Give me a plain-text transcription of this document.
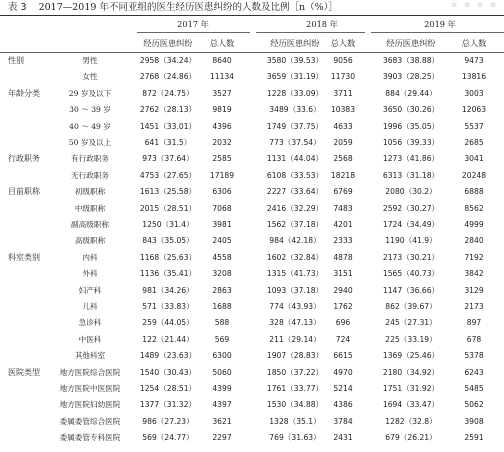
表 3 2017—2019 年不同亚组的医生经历医患纠纷的人数及比例［n（%）］	▪ ▪ ▪ ▪
2017 年	2018 年	2019 年
经历医患纠纷 总人数	经历医患纠纷 总人数	经历医患纠纷	总人数
性别	男性	2958（34.24） 8640	3580（39.53） 9056	3683（38.88）	9473
女性	2768（24.86） 11134	3659（31.19） 11730	3903（28.25）	13816
年龄分类	29 岁及以下	872（24.75） 3527	1228（33.09） 3711	884（29.44）	3003
30 ～ 39 岁	2762（28.13） 9819	3489（33.6） 10383	3650（30.26）	12063
40 ～ 49 岁	1451（33.01） 4396	1749（37.75） 4633	1996（35.05）	5537
50 岁及以上	641（31.5）	2032	773（37.54） 2059	1056（39.33）	2685
行政职务	有行政职务	973（37.64） 2585	1131（44.04） 2568	1273（41.86）	3041
无行政职务	4753（27.65） 17189	6108（33.53） 18218	6313（31.18）	20248
目前职称	初级职称	1613（25.58） 6306	2227（33.64） 6769	2080（30.2）	6888
中级职称	2015（28.51） 7068	2416（32.29） 7483	2592（30.27）	8562
副高级职称	1250（31.4） 3981	1562（37.18） 4201	1724（34.49）	4999
高级职称	843（35.05） 2405	984（42.18） 2333	1190（41.9）	2840
科室类别	内科	1168（25.63） 4558	1602（32.84） 4878	2173（30.21）	7192
外科	1136（35.41） 3208	1315（41.73） 3151	1565（40.73）	3842
妇产科	981（34.26） 2863	1093（37.18） 2940	1147（36.66）	3129
儿科	571（33.83） 1688	774（43.93） 1762	862（39.67）	2173
急诊科	259（44.05）	588	328（47.13） 696	245（27.31）	897
中医科	122（21.44）	569	211（29.14） 724	225（33.19）	678
其他科室	1489（23.63） 6300	1907（28.83） 6615	1369（25.46）	5378
医院类型	地方医院综合医院	1540（30.43） 5060	1850（37.22） 4970	2180（34.92）	6243
地方医院中医医院	1254（28.51） 4399	1761（33.77） 5214	1751（31.92）	5485
地方医院妇幼医院	1377（31.32） 4397	1530（34.88） 4386	1694（33.47）	5062
委属委管综合医院	986（27.23） 3621	1328（35.1） 3784	1282（32.8）	3908
委属委管专科医院	569（24.77） 2297	769（31.63） 2431	679（26.21）	2591
